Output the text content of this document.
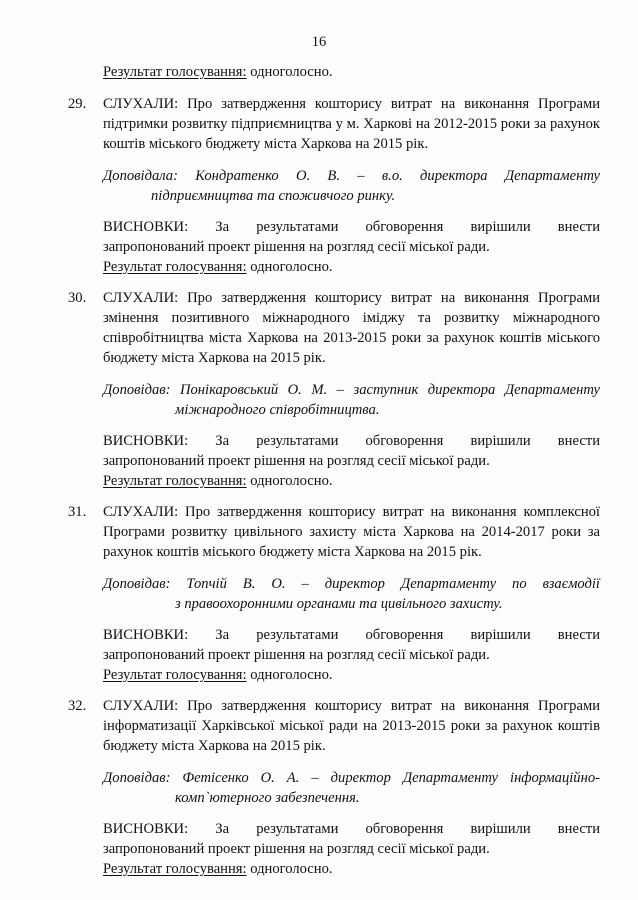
16
Результат голосування: одноголосно.
29. СЛУХАЛИ: Про затвердження кошторису витрат на виконання Програми підтримки розвитку підприємництва у м. Харкові на 2012-2015 роки за рахунок коштів міського бюджету міста Харкова на 2015 рік.
Доповідала: Кондратенко О. В. – в.о. директора Департаменту
підприємництва та споживчого ринку.
ВИСНОВКИ: За результатами обговорення вирішили внести
запропонований проект рішення на розгляд сесії міської ради.
Результат голосування: одноголосно.
30. СЛУХАЛИ: Про затвердження кошторису витрат на виконання Програми змінення позитивного міжнародного іміджу та розвитку міжнародного співробітництва міста Харкова на 2013-2015 роки за рахунок коштів міського бюджету міста Харкова на 2015 рік.
Доповідав: Понікаровський О. М. – заступник директора Департаменту
міжнародного співробітництва.
ВИСНОВКИ: За результатами обговорення вирішили внести
запропонований проект рішення на розгляд сесії міської ради.
Результат голосування: одноголосно.
31. СЛУХАЛИ: Про затвердження кошторису витрат на виконання комплексної Програми розвитку цивільного захисту міста Харкова на 2014-2017 роки за рахунок коштів міського бюджету міста Харкова на 2015 рік.
Доповідав: Топчій В. О. – директор Департаменту по взаємодії
з правоохоронними органами та цивільного захисту.
ВИСНОВКИ: За результатами обговорення вирішили внести
запропонований проект рішення на розгляд сесії міської ради.
Результат голосування: одноголосно.
32. СЛУХАЛИ: Про затвердження кошторису витрат на виконання Програми інформатизації Харківської міської ради на 2013-2015 роки за рахунок коштів бюджету міста Харкова на 2015 рік.
Доповідав: Фетісенко О. А. – директор Департаменту інформаційно-
комп`ютерного забезпечення.
ВИСНОВКИ: За результатами обговорення вирішили внести
запропонований проект рішення на розгляд сесії міської ради.
Результат голосування: одноголосно.
